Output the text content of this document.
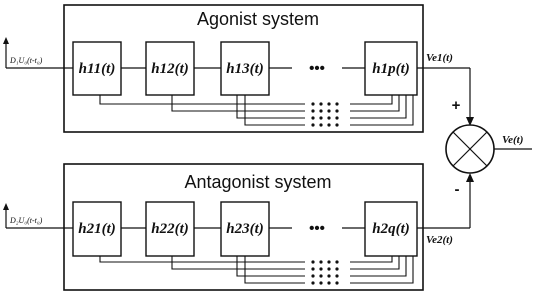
Agonist system
D₁U₀(t-t₀)	•••
h11(t) h12(t)	h13(t)	h1p(t)
Ve1(t)
Antagonist system
D₂U₀(t-t₀)	•••
h21(t) h22(t)	h23(t)	h2q(t)
Ve2(t)
+
-
Ve(t)
